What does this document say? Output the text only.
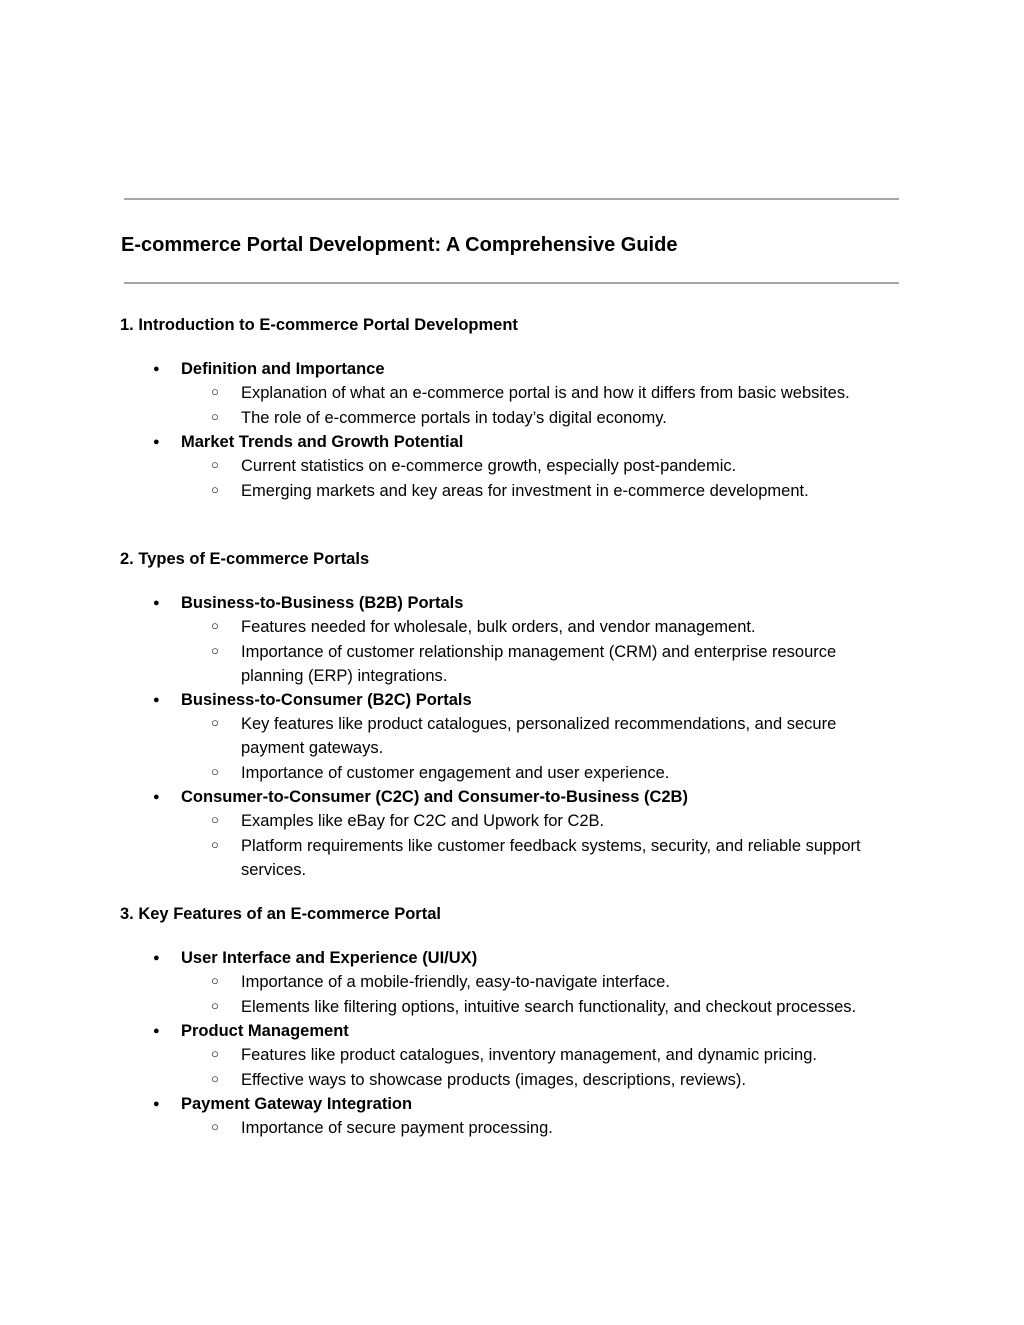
E-commerce Portal Development: A Comprehensive Guide
1. Introduction to E-commerce Portal Development
● Definition and Importance
○ Explanation of what an e-commerce portal is and how it differs from basic websites.
○ The role of e-commerce portals in today’s digital economy.
● Market Trends and Growth Potential
○ Current statistics on e-commerce growth, especially post-pandemic.
○ Emerging markets and key areas for investment in e-commerce development.
2. Types of E-commerce Portals
● Business-to-Business (B2B) Portals
○ Features needed for wholesale, bulk orders, and vendor management.
○ Importance of customer relationship management (CRM) and enterprise resource planning (ERP) integrations.
● Business-to-Consumer (B2C) Portals
○ Key features like product catalogues, personalized recommendations, and secure payment gateways.
○ Importance of customer engagement and user experience.
● Consumer-to-Consumer (C2C) and Consumer-to-Business (C2B)
○ Examples like eBay for C2C and Upwork for C2B.
○ Platform requirements like customer feedback systems, security, and reliable support services.
3. Key Features of an E-commerce Portal
● User Interface and Experience (UI/UX)
○ Importance of a mobile-friendly, easy-to-navigate interface.
○ Elements like filtering options, intuitive search functionality, and checkout processes.
● Product Management
○ Features like product catalogues, inventory management, and dynamic pricing.
○ Effective ways to showcase products (images, descriptions, reviews).
● Payment Gateway Integration
○ Importance of secure payment processing.
